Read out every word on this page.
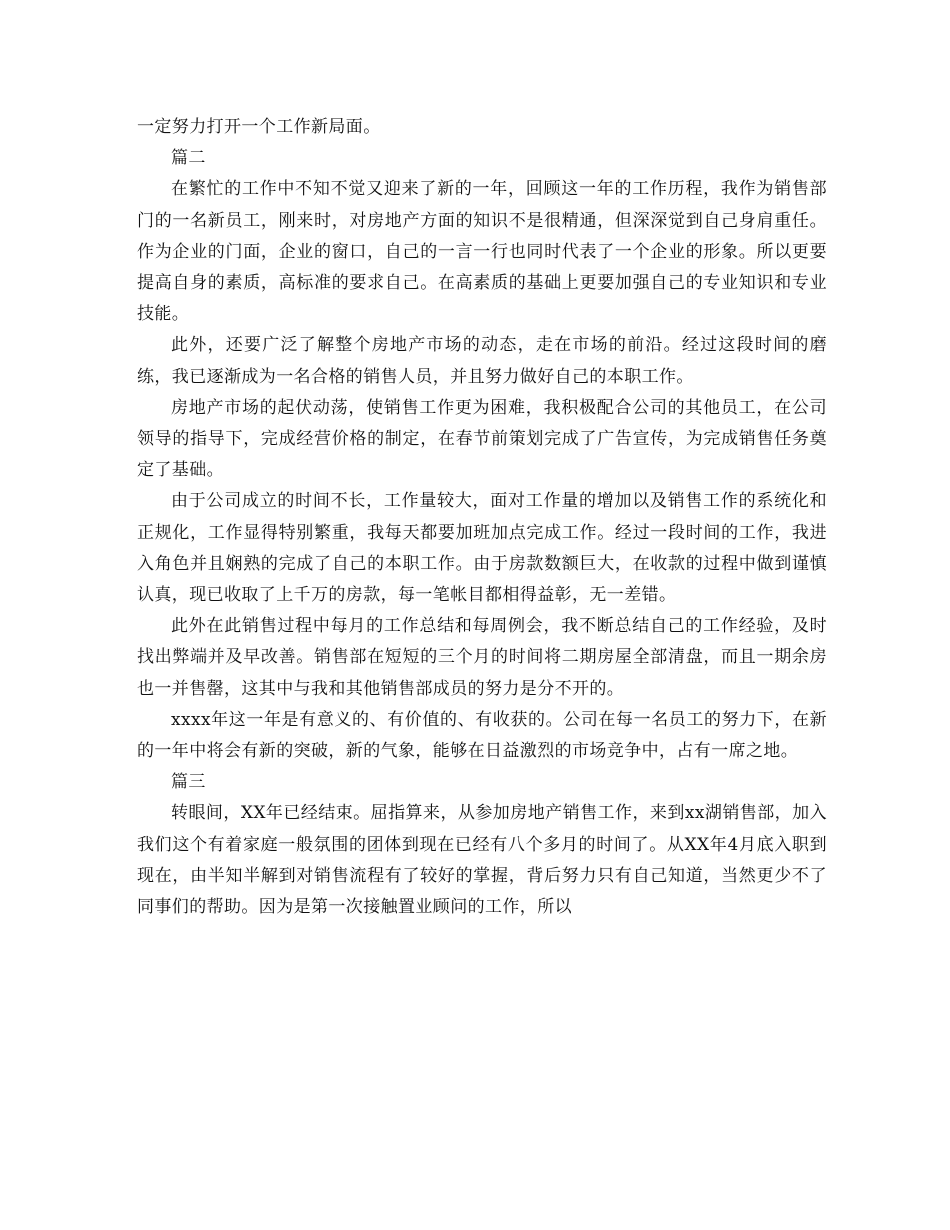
一定努力打开一个工作新局面。

篇二

在繁忙的工作中不知不觉又迎来了新的一年，回顾这一年的工作历程，我作为销售部门的一名新员工，刚来时，对房地产方面的知识不是很精通，但深深觉到自己身肩重任。作为企业的门面，企业的窗口，自己的一言一行也同时代表了一个企业的形象。所以更要提高自身的素质，高标准的要求自己。在高素质的基础上更要加强自己的专业知识和专业技能。

此外，还要广泛了解整个房地产市场的动态，走在市场的前沿。经过这段时间的磨练，我已逐渐成为一名合格的销售人员，并且努力做好自己的本职工作。

房地产市场的起伏动荡，使销售工作更为困难，我积极配合公司的其他员工，在公司领导的指导下，完成经营价格的制定，在春节前策划完成了广告宣传，为完成销售任务奠定了基础。

由于公司成立的时间不长，工作量较大，面对工作量的增加以及销售工作的系统化和正规化，工作显得特别繁重，我每天都要加班加点完成工作。经过一段时间的工作，我进入角色并且娴熟的完成了自己的本职工作。由于房款数额巨大，在收款的过程中做到谨慎认真，现已收取了上千万的房款，每一笔帐目都相得益彰，无一差错。

此外在此销售过程中每月的工作总结和每周例会，我不断总结自己的工作经验，及时找出弊端并及早改善。销售部在短短的三个月的时间将二期房屋全部清盘，而且一期余房也一并售罄，这其中与我和其他销售部成员的努力是分不开的。

xxxx年这一年是有意义的、有价值的、有收获的。公司在每一名员工的努力下，在新的一年中将会有新的突破，新的气象，能够在日益激烈的市场竞争中，占有一席之地。

篇三

转眼间，XX年已经结束。屈指算来，从参加房地产销售工作，来到xx湖销售部，加入我们这个有着家庭一般氛围的团体到现在已经有八个多月的时间了。从XX年4月底入职到现在，由半知半解到对销售流程有了较好的掌握，背后努力只有自己知道，当然更少不了同事们的帮助。因为是第一次接触置业顾问的工作，所以
